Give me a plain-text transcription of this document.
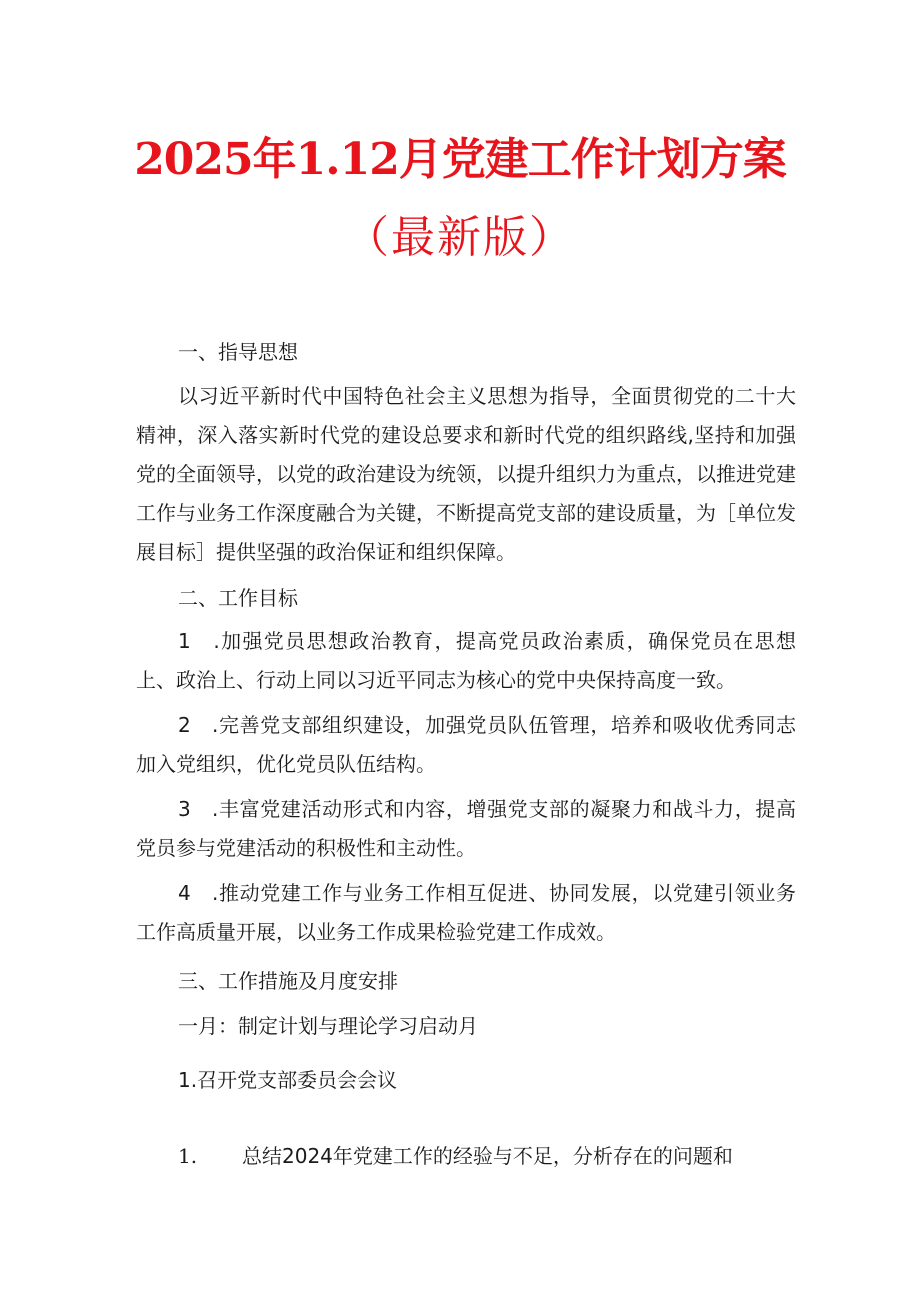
2025年1.12月党建工作计划方案
（最新版）
一、指导思想

以习近平新时代中国特色社会主义思想为指导，全面贯彻党的二十大精神，深入落实新时代党的建设总要求和新时代党的组织路线,坚持和加强党的全面领导，以党的政治建设为统领，以提升组织力为重点，以推进党建工作与业务工作深度融合为关键，不断提高党支部的建设质量，为［单位发展目标］提供坚强的政治保证和组织保障。

二、工作目标

1　.加强党员思想政治教育，提高党员政治素质，确保党员在思想上、政治上、行动上同以习近平同志为核心的党中央保持高度一致。

2　.完善党支部组织建设，加强党员队伍管理，培养和吸收优秀同志加入党组织，优化党员队伍结构。

3　.丰富党建活动形式和内容，增强党支部的凝聚力和战斗力，提高党员参与党建活动的积极性和主动性。

4　.推动党建工作与业务工作相互促进、协同发展，以党建引领业务工作高质量开展，以业务工作成果检验党建工作成效。

三、工作措施及月度安排
一月：制定计划与理论学习启动月
1.召开党支部委员会会议
1. 总结2024年党建工作的经验与不足，分析存在的问题和
